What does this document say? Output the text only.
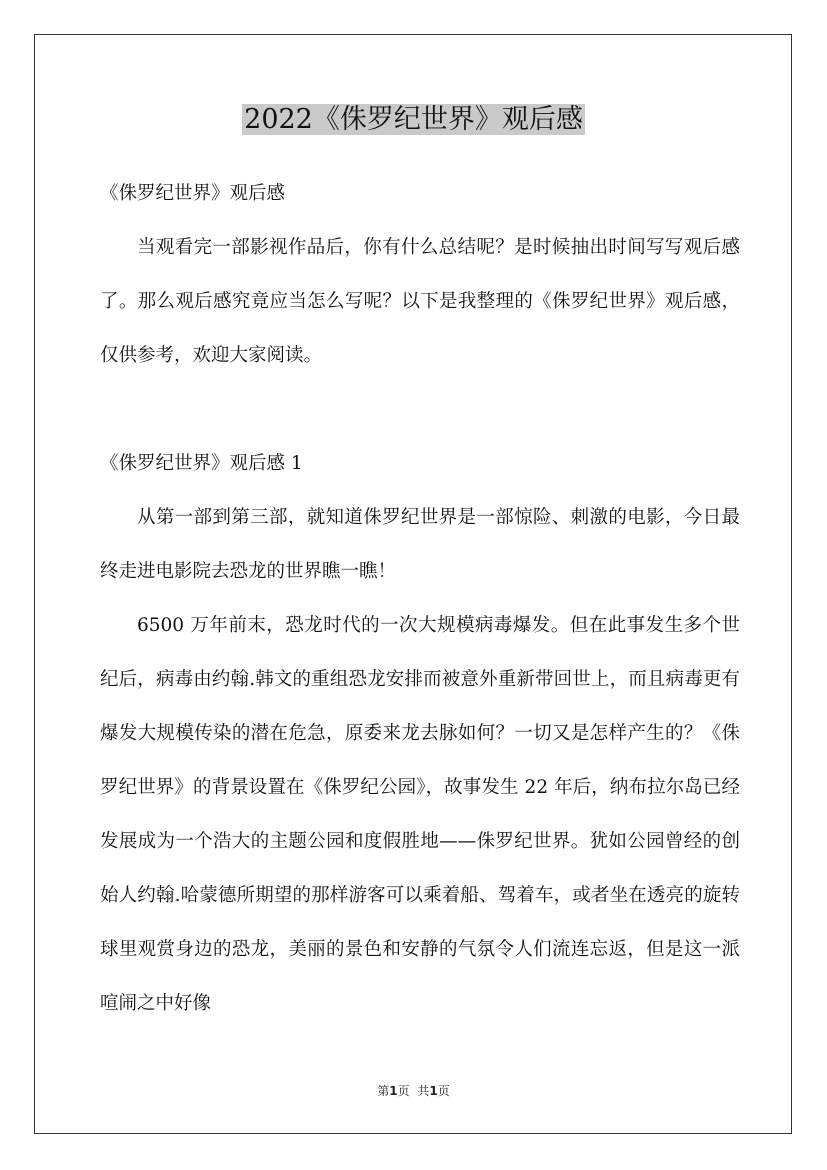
2022《侏罗纪世界》观后感

《侏罗纪世界》观后感

当观看完一部影视作品后，你有什么总结呢？是时候抽出时间写写观后感了。那么观后感究竟应当怎么写呢？以下是我整理的《侏罗纪世界》观后感，仅供参考，欢迎大家阅读。

《侏罗纪世界》观后感 1

从第一部到第三部，就知道侏罗纪世界是一部惊险、刺激的电影，今日最终走进电影院去恐龙的世界瞧一瞧！

6500 万年前末，恐龙时代的一次大规模病毒爆发。但在此事发生多个世纪后，病毒由约翰.韩文的重组恐龙安排而被意外重新带回世上，而且病毒更有爆发大规模传染的潜在危急，原委来龙去脉如何？一切又是怎样产生的？《侏罗纪世界》的背景设置在《侏罗纪公园》，故事发生 22 年后，纳布拉尔岛已经发展成为一个浩大的主题公园和度假胜地——侏罗纪世界。犹如公园曾经的创始人约翰.哈蒙德所期望的那样游客可以乘着船、驾着车，或者坐在透亮的旋转球里观赏身边的恐龙，美丽的景色和安静的气氛令人们流连忘返，但是这一派喧闹之中好像

第1页 共1页
